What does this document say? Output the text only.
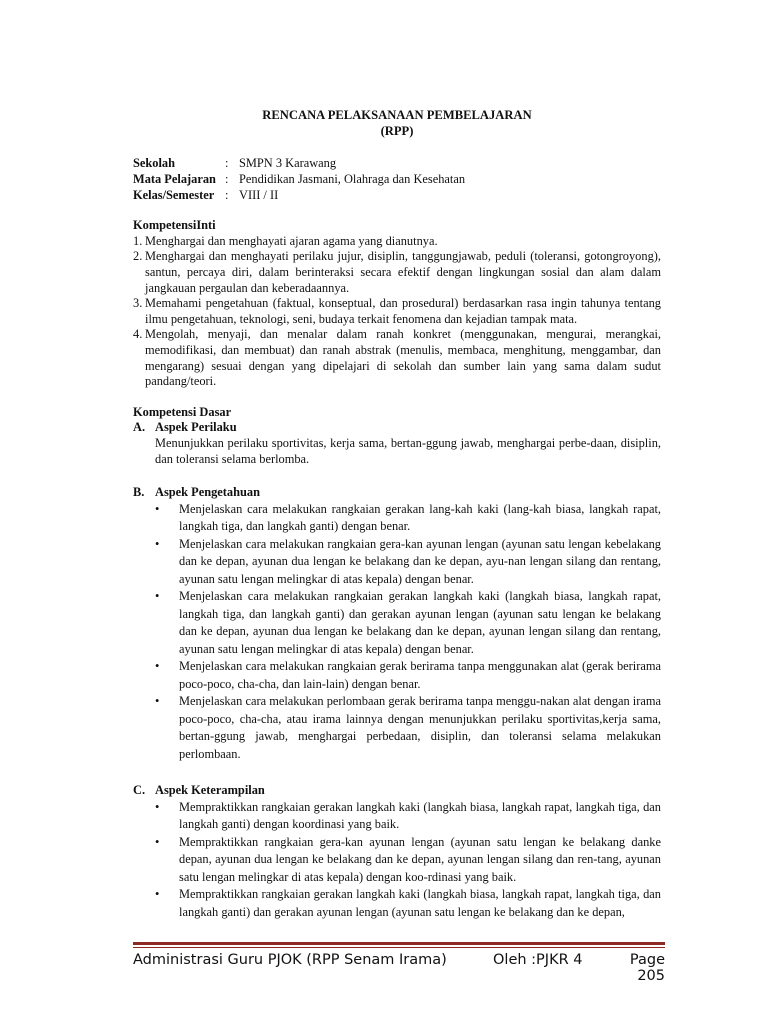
RENCANA PELAKSANAAN PEMBELAJARAN
(RPP)
Sekolah	: SMPN 3 Karawang
Mata Pelajaran : Pendidikan Jasmani, Olahraga dan Kesehatan
Kelas/Semester : VIII / II
KompetensiInti
1. Menghargai dan menghayati ajaran agama yang dianutnya.
2. Menghargai dan menghayati perilaku jujur, disiplin, tanggungjawab, peduli (toleransi, gotongroyong), santun, percaya diri, dalam berinteraksi secara efektif dengan lingkungan sosial dan alam dalam jangkauan pergaulan dan keberadaannya.
3. Memahami pengetahuan (faktual, konseptual, dan prosedural) berdasarkan rasa ingin tahunya tentang ilmu pengetahuan, teknologi, seni, budaya terkait fenomena dan kejadian tampak mata.
4. Mengolah, menyaji, dan menalar dalam ranah konkret (menggunakan, mengurai, merangkai, memodifikasi, dan membuat) dan ranah abstrak (menulis, membaca, menghitung, menggambar, dan mengarang) sesuai dengan yang dipelajari di sekolah dan sumber lain yang sama dalam sudut pandang/teori.
Kompetensi Dasar
A. Aspek Perilaku
Menunjukkan perilaku sportivitas, kerja sama, bertan-ggung jawab, menghargai perbe-daan, disiplin, dan toleransi selama berlomba.
B. Aspek Pengetahuan
•	Menjelaskan cara melakukan rangkaian gerakan lang-kah kaki (lang-kah biasa, langkah rapat, langkah tiga, dan langkah ganti) dengan benar.
•	Menjelaskan cara melakukan rangkaian gera-kan ayunan lengan (ayunan satu lengan kebelakang dan ke depan, ayunan dua lengan ke belakang dan ke depan, ayu-nan lengan silang dan rentang, ayunan satu lengan melingkar di atas kepala) dengan benar.
•	Menjelaskan cara melakukan rangkaian gerakan langkah kaki (langkah biasa, langkah rapat, langkah tiga, dan langkah ganti) dan gerakan ayunan lengan (ayunan satu lengan ke belakang dan ke depan, ayunan dua lengan ke belakang dan ke depan, ayunan lengan silang dan rentang, ayunan satu lengan melingkar di atas kepala) dengan benar.
•	Menjelaskan cara melakukan rangkaian gerak berirama tanpa menggunakan alat (gerak berirama poco-poco, cha-cha, dan lain-lain) dengan benar.
•	Menjelaskan cara melakukan perlombaan gerak berirama tanpa menggu-nakan alat dengan irama poco-poco, cha-cha, atau irama lainnya dengan menunjukkan perilaku sportivitas,kerja sama, bertan-ggung jawab, menghargai perbedaan, disiplin, dan toleransi selama melakukan perlombaan.
C. Aspek Keterampilan
•	Mempraktikkan rangkaian gerakan langkah kaki (langkah biasa, langkah rapat, langkah tiga, dan langkah ganti) dengan koordinasi yang baik.
•	Mempraktikkan rangkaian gera-kan ayunan lengan (ayunan satu lengan ke belakang danke depan, ayunan dua lengan ke belakang dan ke depan, ayunan lengan silang dan ren-tang, ayunan satu lengan melingkar di atas kepala) dengan koo-rdinasi yang baik.
•	Mempraktikkan rangkaian gerakan langkah kaki (langkah biasa, langkah rapat, langkah tiga, dan langkah ganti) dan gerakan ayunan lengan (ayunan satu lengan ke belakang dan ke depan,
Administrasi Guru PJOK (RPP Senam Irama)	Oleh :PJKR 4	Page 205
